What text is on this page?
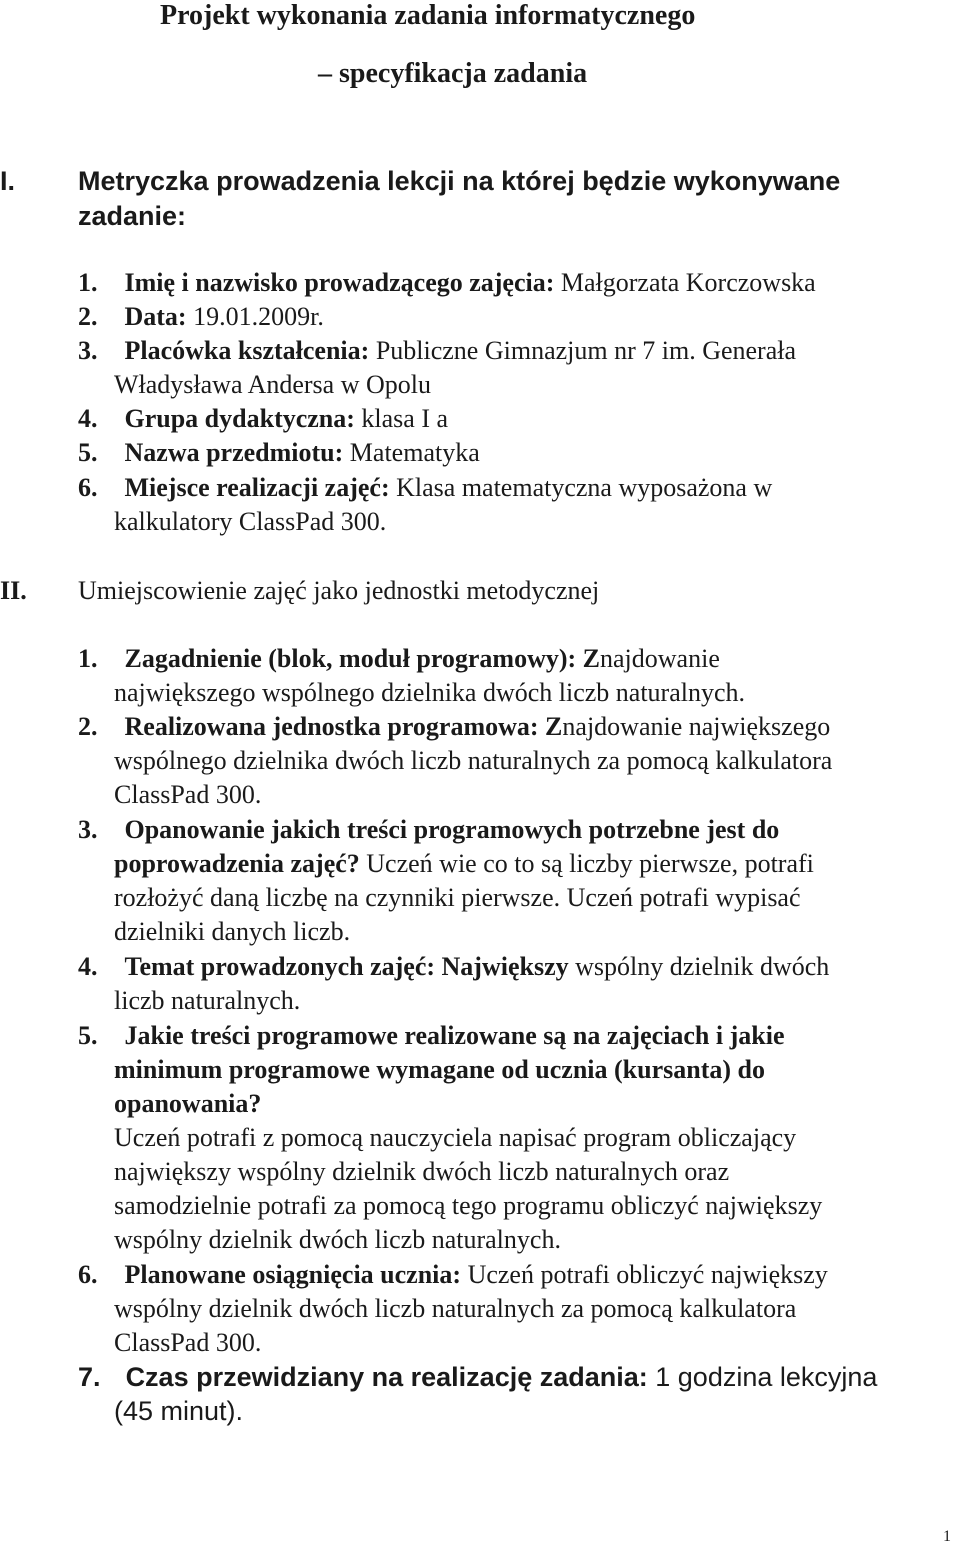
Projekt wykonania zadania informatycznego
– specyfikacja zadania
I. Metryczka prowadzenia lekcji na której będzie wykonywane
zadanie:
1. Imię i nazwisko prowadzącego zajęcia: Małgorzata Korczowska
2. Data: 19.01.2009r.
3. Placówka kształcenia: Publiczne Gimnazjum nr 7 im. Generała
Władysława Andersa w Opolu
4. Grupa dydaktyczna: klasa I a
5. Nazwa przedmiotu: Matematyka
6. Miejsce realizacji zajęć: Klasa matematyczna wyposażona w
kalkulatory ClassPad 300.
II. Umiejscowienie zajęć jako jednostki metodycznej
1. Zagadnienie (blok, moduł programowy): Znajdowanie
największego wspólnego dzielnika dwóch liczb naturalnych.
2. Realizowana jednostka programowa: Znajdowanie największego
wspólnego dzielnika dwóch liczb naturalnych za pomocą kalkulatora
ClassPad 300.
3. Opanowanie jakich treści programowych potrzebne jest do
poprowadzenia zajęć? Uczeń wie co to są liczby pierwsze, potrafi
rozłożyć daną liczbę na czynniki pierwsze. Uczeń potrafi wypisać
dzielniki danych liczb.
4. Temat prowadzonych zajęć: Największy wspólny dzielnik dwóch
liczb naturalnych.
5. Jakie treści programowe realizowane są na zajęciach i jakie
minimum programowe wymagane od ucznia (kursanta) do
opanowania?
Uczeń potrafi z pomocą nauczyciela napisać program obliczający
największy wspólny dzielnik dwóch liczb naturalnych oraz
samodzielnie potrafi za pomocą tego programu obliczyć największy
wspólny dzielnik dwóch liczb naturalnych.
6.  Planowane osiągnięcia ucznia: Uczeń potrafi obliczyć największy
wspólny dzielnik dwóch liczb naturalnych za pomocą kalkulatora
ClassPad 300.
7. Czas przewidziany na realizację zadania: 1 godzina lekcyjna
(45 minut).
1
